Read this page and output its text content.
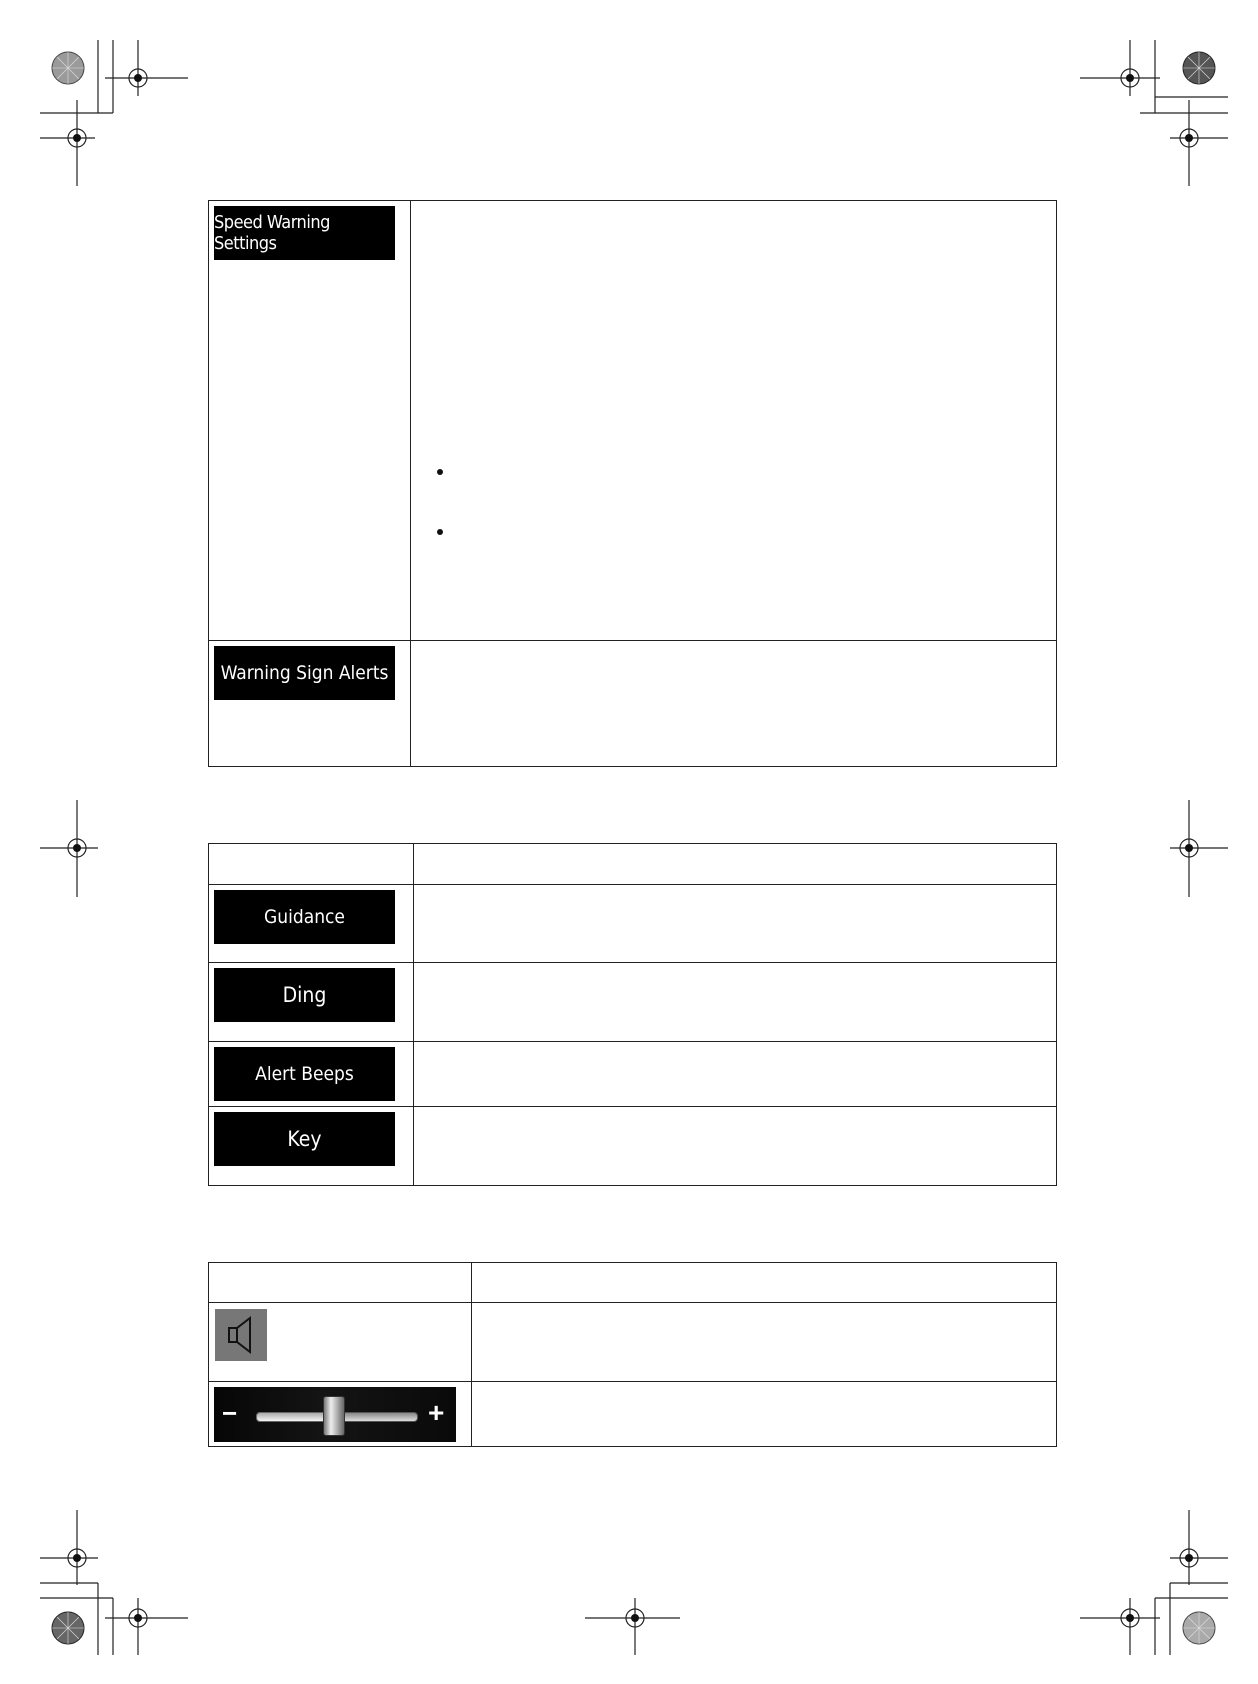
Speed Warning Settings	

Warning Sign Alerts	

Guidance	

Ding	

Alert Beeps	

Key	

− +	
